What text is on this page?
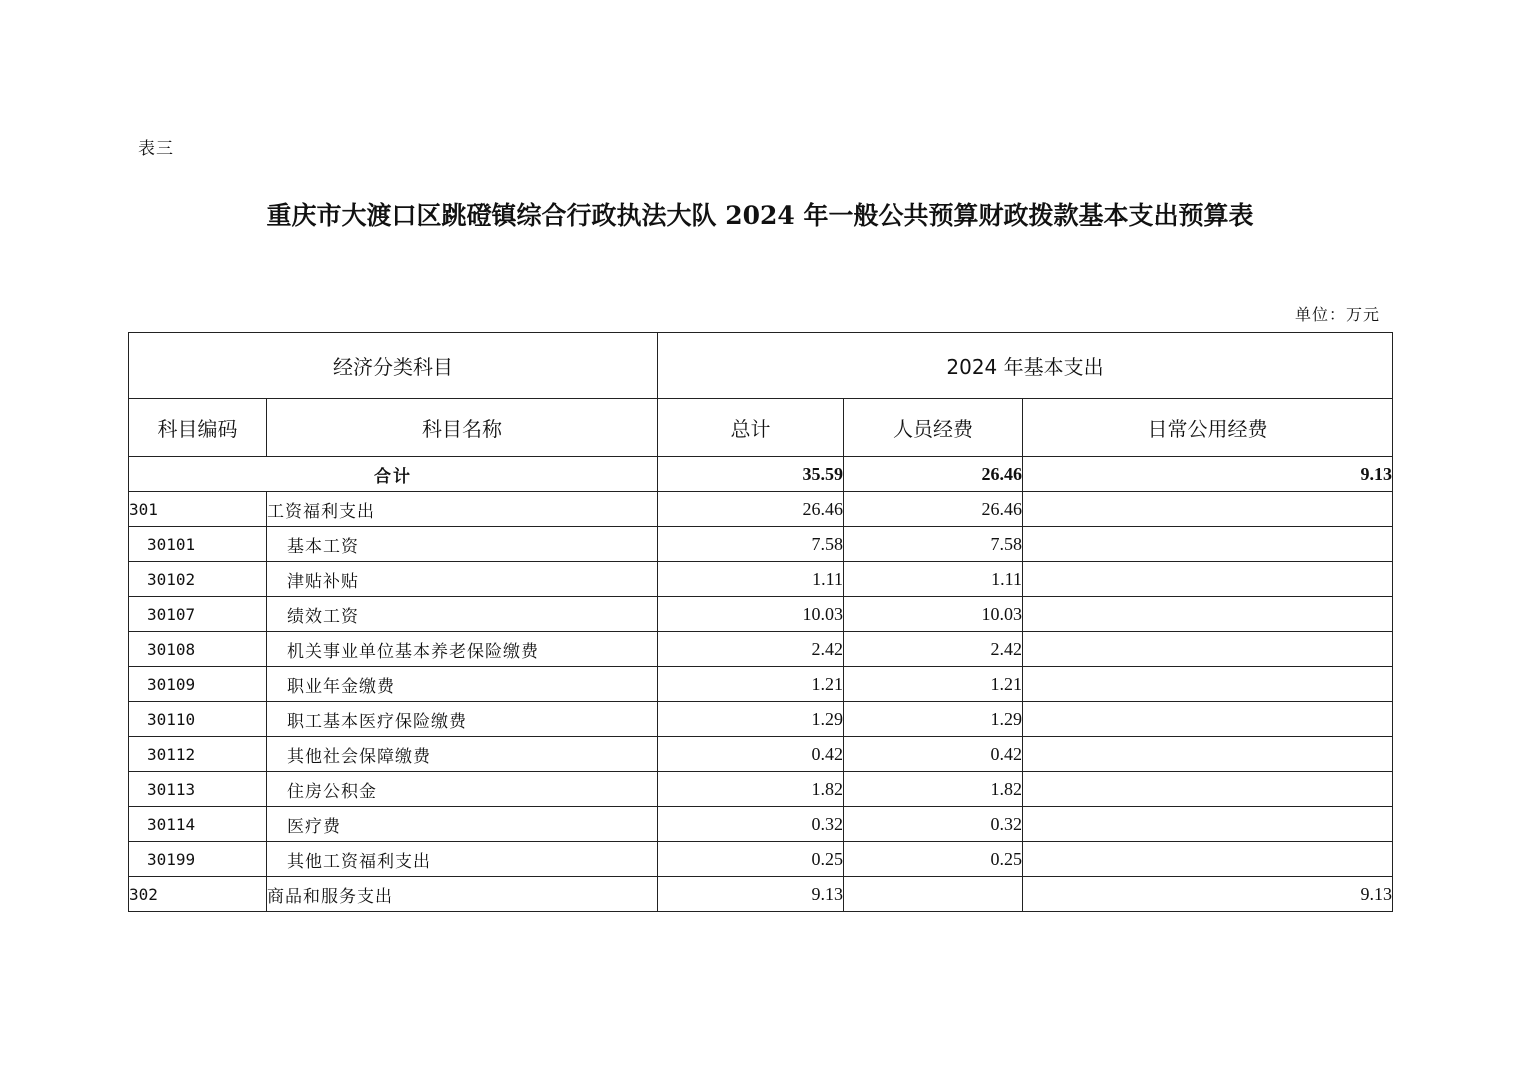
表三
重庆市大渡口区跳磴镇综合行政执法大队 2024 年一般公共预算财政拨款基本支出预算表
单位：万元
经济分类科目		2024 年基本支出		
科目编码	科目名称	总计	人员经费	日常公用经费
合计		35.59	26.46	9.13
301	工资福利支出	26.46	26.46	
30101	基本工资	7.58	7.58	
30102	津贴补贴	1.11	1.11	
30107	绩效工资	10.03	10.03	
30108	机关事业单位基本养老保险缴费	2.42	2.42	
30109	职业年金缴费	1.21	1.21	
30110	职工基本医疗保险缴费	1.29	1.29	
30112	其他社会保障缴费	0.42	0.42	
30113	住房公积金	1.82	1.82	
30114	医疗费	0.32	0.32	
30199	其他工资福利支出	0.25	0.25	
302	商品和服务支出	9.13		9.13
